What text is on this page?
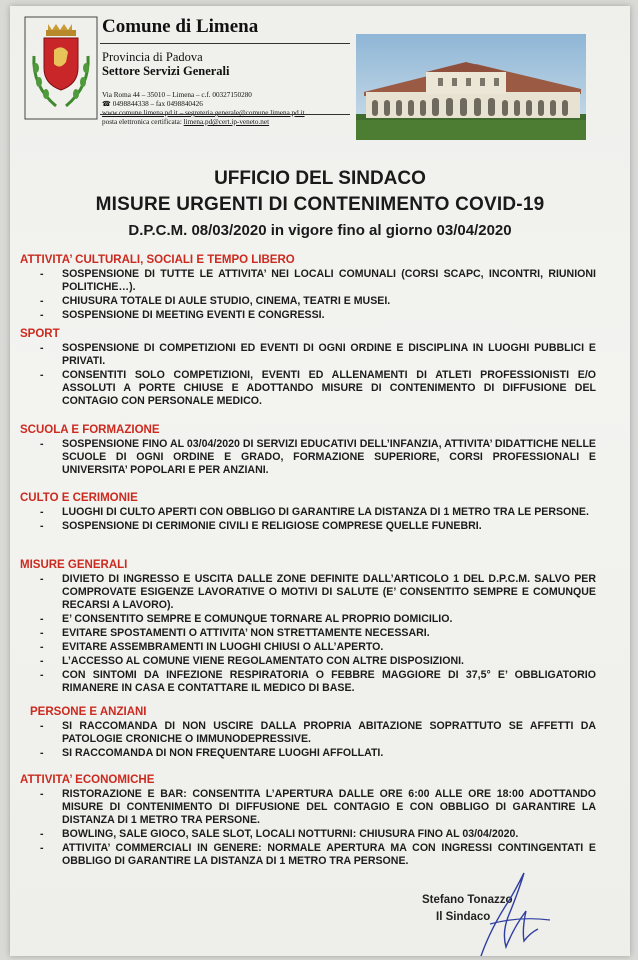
Comune di Limena
Provincia di Padova
Settore Servizi Generali
Via Roma 44 – 35010 – Limena – c.f. 00327150280
☎ 0498844338 – fax 0498840426
www.comune.limena.pd.it – segreteria.generale@comune.limena.pd.it
posta elettronica certificata: limena.pd@cert.ip-veneto.net
UFFICIO DEL SINDACO
MISURE URGENTI DI CONTENIMENTO COVID-19
D.P.C.M. 08/03/2020 in vigore fino al giorno 03/04/2020
ATTIVITA’ CULTURALI, SOCIALI E TEMPO LIBERO
- SOSPENSIONE DI TUTTE LE ATTIVITA’ NEI LOCALI COMUNALI (CORSI SCAPC, INCONTRI, RIUNIONI POLITICHE…).
- CHIUSURA TOTALE DI AULE STUDIO, CINEMA, TEATRI E MUSEI.
- SOSPENSIONE DI MEETING EVENTI E CONGRESSI.
SPORT
- SOSPENSIONE DI COMPETIZIONI ED EVENTI DI OGNI ORDINE E DISCIPLINA IN LUOGHI PUBBLICI E PRIVATI.
- CONSENTITI SOLO COMPETIZIONI, EVENTI ED ALLENAMENTI DI ATLETI PROFESSIONISTI E/O ASSOLUTI A PORTE CHIUSE E ADOTTANDO MISURE DI CONTENIMENTO DI DIFFUSIONE DEL CONTAGIO CON PERSONALE MEDICO.
SCUOLA E FORMAZIONE
- SOSPENSIONE FINO AL 03/04/2020 DI SERVIZI EDUCATIVI DELL’INFANZIA, ATTIVITA’ DIDATTICHE NELLE SCUOLE DI OGNI ORDINE E GRADO, FORMAZIONE SUPERIORE, CORSI PROFESSIONALI E UNIVERSITA’ POPOLARI E PER ANZIANI.
CULTO E CERIMONIE
- LUOGHI DI CULTO APERTI CON OBBLIGO DI GARANTIRE LA DISTANZA DI 1 METRO TRA LE PERSONE.
- SOSPENSIONE DI CERIMONIE CIVILI E RELIGIOSE COMPRESE QUELLE FUNEBRI.
MISURE GENERALI
- DIVIETO DI INGRESSO E USCITA DALLE ZONE DEFINITE DALL’ARTICOLO 1 DEL D.P.C.M. SALVO PER COMPROVATE ESIGENZE LAVORATIVE O MOTIVI DI SALUTE (E’ CONSENTITO SEMPRE E COMUNQUE RECARSI A LAVORO).
- E’ CONSENTITO SEMPRE E COMUNQUE TORNARE AL PROPRIO DOMICILIO.
- EVITARE SPOSTAMENTI O ATTIVITA’ NON STRETTAMENTE NECESSARI.
- EVITARE ASSEMBRAMENTI IN LUOGHI CHIUSI O ALL’APERTO.
- L’ACCESSO AL COMUNE VIENE REGOLAMENTATO CON ALTRE DISPOSIZIONI.
- CON SINTOMI DA INFEZIONE RESPIRATORIA O FEBBRE MAGGIORE DI 37,5° E’ OBBLIGATORIO RIMANERE IN CASA E CONTATTARE IL MEDICO DI BASE.
PERSONE E ANZIANI
- SI RACCOMANDA DI NON USCIRE DALLA PROPRIA ABITAZIONE SOPRATTUTO SE AFFETTI DA PATOLOGIE CRONICHE O IMMUNODEPRESSIVE.
- SI RACCOMANDA DI NON FREQUENTARE LUOGHI AFFOLLATI.
ATTIVITA’ ECONOMICHE
- RISTORAZIONE E BAR: CONSENTITA L’APERTURA DALLE ORE 6:00 ALLE ORE 18:00 ADOTTANDO MISURE DI CONTENIMENTO DI DIFFUSIONE DEL CONTAGIO E CON OBBLIGO DI GARANTIRE LA DISTANZA DI 1 METRO TRA PERSONE.
- BOWLING, SALE GIOCO, SALE SLOT, LOCALI NOTTURNI: CHIUSURA FINO AL 03/04/2020.
- ATTIVITA’ COMMERCIALI IN GENERE: NORMALE APERTURA MA CON INGRESSI CONTINGENTATI E OBBLIGO DI GARANTIRE LA DISTANZA DI 1 METRO TRA PERSONE.
Stefano Tonazzo
Il Sindaco
